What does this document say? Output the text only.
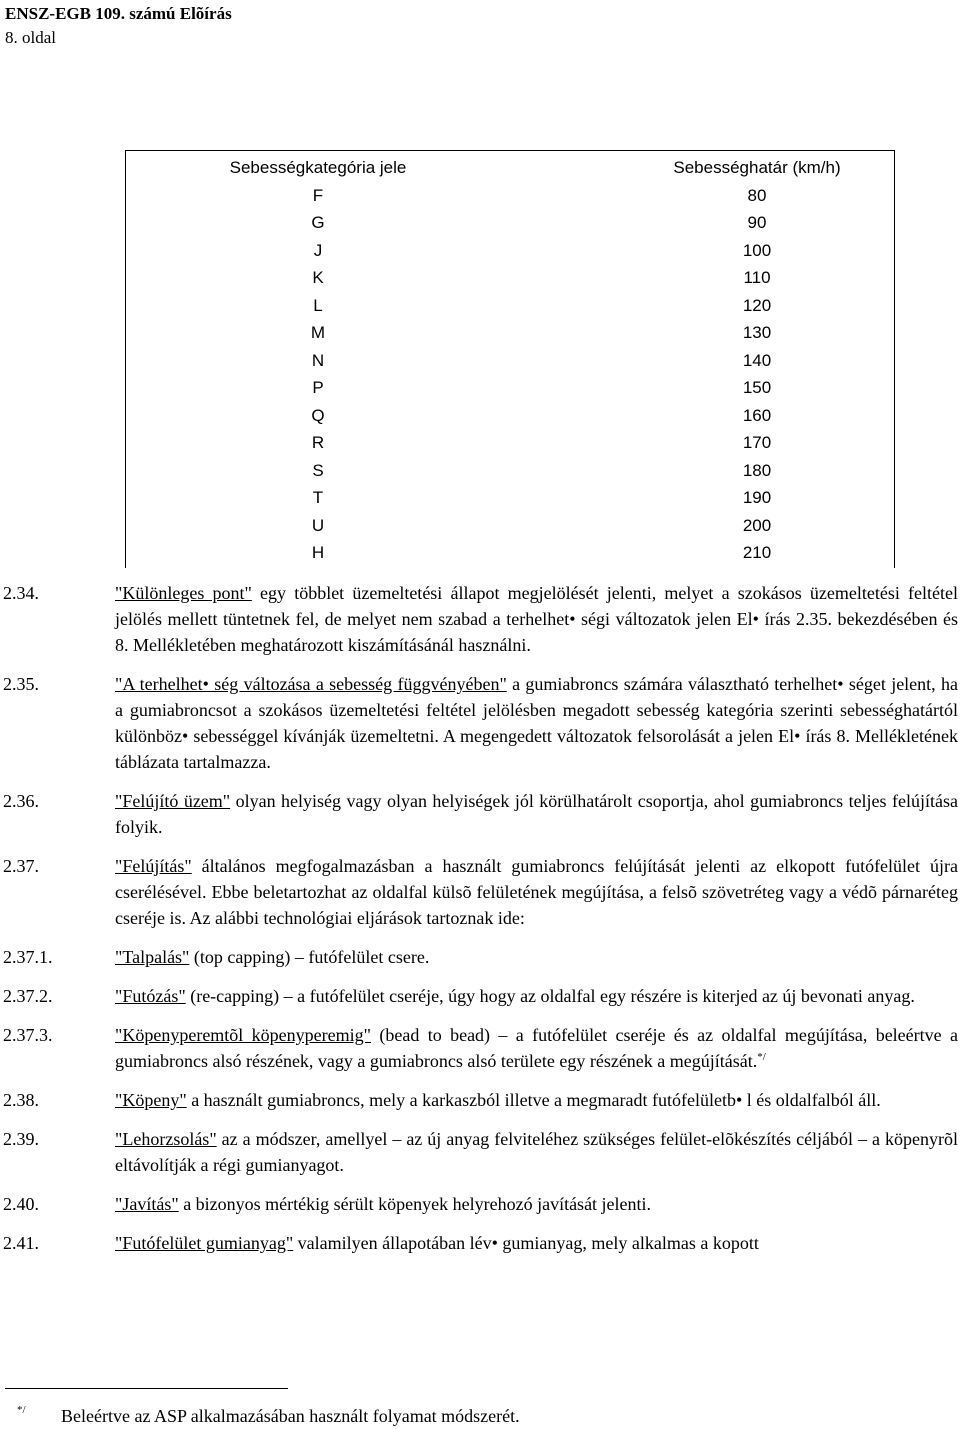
ENSZ-EGB 109. számú Elõírás
8. oldal
Sebességkategória jele	Sebességhatár (km/h)
F	80
G	90
J	100
K	110
L	120
M	130
N	140
P	150
Q	160
R	170
S	180
T	190
U	200
H	210
2.34.	"Különleges pont" egy többlet üzemeltetési állapot megjelölését jelenti, melyet a szokásos üzemeltetési feltétel jelölés mellett tüntetnek fel, de melyet nem szabad a terhelhet• ségi változatok jelen El• írás 2.35. bekezdésében és 8. Mellékletében meghatározott kiszámításánál használni.
2.35.	"A terhelhet• ség változása a sebesség függvényében" a gumiabroncs számára választható terhelhet• séget jelent, ha a gumiabroncsot a szokásos üzemeltetési feltétel jelölésben megadott sebesség kategória szerinti sebességhatártól különböz• sebességgel kívánják üzemeltetni. A megengedett változatok felsorolását a jelen El• írás 8. Mellékletének táblázata tartalmazza.
2.36.	"Felújító üzem" olyan helyiség vagy olyan helyiségek jól körülhatárolt csoportja, ahol gumiabroncs teljes felújítása folyik.
2.37.	"Felújítás" általános megfogalmazásban a használt gumiabroncs felújítását jelenti az elkopott futófelület újra cserélésével. Ebbe beletartozhat az oldalfal külsõ felületének megújítása, a felsõ szövetréteg vagy a védõ párnaréteg cseréje is. Az alábbi technológiai eljárások tartoznak ide:
2.37.1.	"Talpalás" (top capping) – futófelület csere.
2.37.2.	"Futózás" (re-capping) – a futófelület cseréje, úgy hogy az oldalfal egy részére is kiterjed az új bevonati anyag.
2.37.3.	"Köpenyperemtõl köpenyperemig" (bead to bead) – a futófelület cseréje és az oldalfal megújítása, beleértve a gumiabroncs alsó részének, vagy a gumiabroncs alsó területe egy részének a megújítását.*/
2.38.	"Köpeny" a használt gumiabroncs, mely a karkaszból illetve a megmaradt futófelületb• l és oldalfalból áll.
2.39.	"Lehorzsolás" az a módszer, amellyel – az új anyag felviteléhez szükséges felület-elõkészítés céljából – a köpenyrõl eltávolítják a régi gumianyagot.
2.40.	"Javítás" a bizonyos mértékig sérült köpenyek helyrehozó javítását jelenti.
2.41.	"Futófelület gumianyag" valamilyen állapotában lév• gumianyag, mely alkalmas a kopott
*/ Beleértve az ASP alkalmazásában használt folyamat módszerét.
